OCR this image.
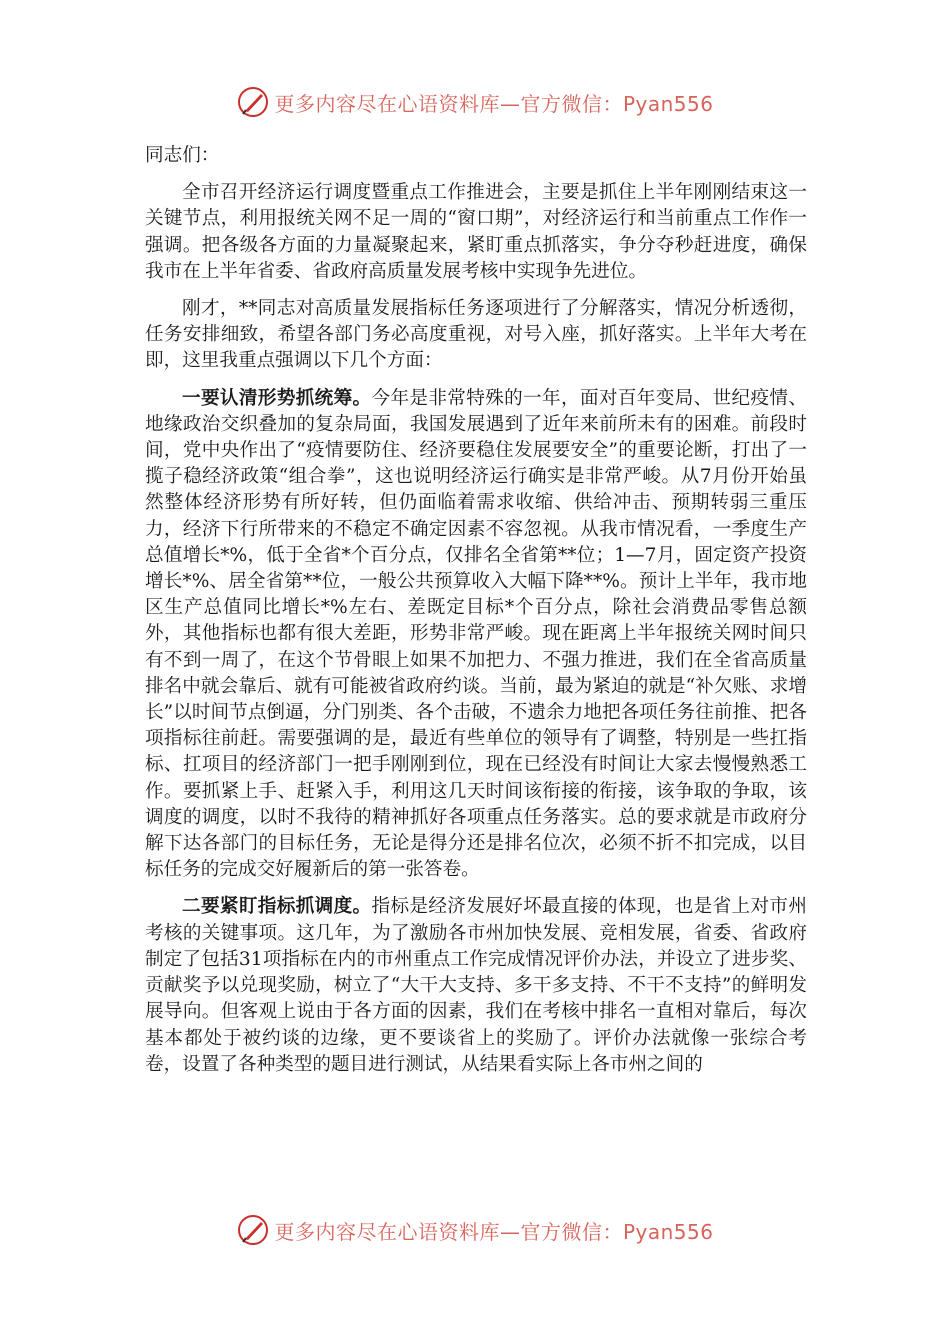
更多内容尽在心语资料库—官方微信：Pyan556

同志们：

全市召开经济运行调度暨重点工作推进会，主要是抓住上半年刚刚结束这一关键节点，利用报统关网不足一周的“窗口期”，对经济运行和当前重点工作作一强调。把各级各方面的力量凝聚起来，紧盯重点抓落实，争分夺秒赶进度，确保我市在上半年省委、省政府高质量发展考核中实现争先进位。

刚才，**同志对高质量发展指标任务逐项进行了分解落实，情况分析透彻，任务安排细致，希望各部门务必高度重视，对号入座，抓好落实。上半年大考在即，这里我重点强调以下几个方面：

一要认清形势抓统筹。今年是非常特殊的一年，面对百年变局、世纪疫情、地缘政治交织叠加的复杂局面，我国发展遇到了近年来前所未有的困难。前段时间，党中央作出了“疫情要防住、经济要稳住发展要安全”的重要论断，打出了一揽子稳经济政策“组合拳”，这也说明经济运行确实是非常严峻。从7月份开始虽然整体经济形势有所好转，但仍面临着需求收缩、供给冲击、预期转弱三重压力，经济下行所带来的不稳定不确定因素不容忽视。从我市情况看，一季度生产总值增长*%，低于全省*个百分点，仅排名全省第**位；1—7月，固定资产投资增长*%、居全省第**位，一般公共预算收入大幅下降**%。预计上半年，我市地区生产总值同比增长*%左右、差既定目标*个百分点，除社会消费品零售总额外，其他指标也都有很大差距，形势非常严峻。现在距离上半年报统关网时间只有不到一周了，在这个节骨眼上如果不加把力、不强力推进，我们在全省高质量排名中就会靠后、就有可能被省政府约谈。当前，最为紧迫的就是“补欠账、求增长”以时间节点倒逼，分门别类、各个击破，不遗余力地把各项任务往前推、把各项指标往前赶。需要强调的是，最近有些单位的领导有了调整，特别是一些扛指标、扛项目的经济部门一把手刚刚到位，现在已经没有时间让大家去慢慢熟悉工作。要抓紧上手、赶紧入手，利用这几天时间该衔接的衔接，该争取的争取，该调度的调度，以时不我待的精神抓好各项重点任务落实。总的要求就是市政府分解下达各部门的目标任务，无论是得分还是排名位次，必须不折不扣完成，以目标任务的完成交好履新后的第一张答卷。

二要紧盯指标抓调度。指标是经济发展好坏最直接的体现，也是省上对市州考核的关键事项。这几年，为了激励各市州加快发展、竞相发展，省委、省政府制定了包括31项指标在内的市州重点工作完成情况评价办法，并设立了进步奖、贡献奖予以兑现奖励，树立了“大干大支持、多干多支持、不干不支持”的鲜明发展导向。但客观上说由于各方面的因素，我们在考核中排名一直相对靠后，每次基本都处于被约谈的边缘，更不要谈省上的奖励了。评价办法就像一张综合考卷，设置了各种类型的题目进行测试，从结果看实际上各市州之间的

更多内容尽在心语资料库—官方微信：Pyan556
